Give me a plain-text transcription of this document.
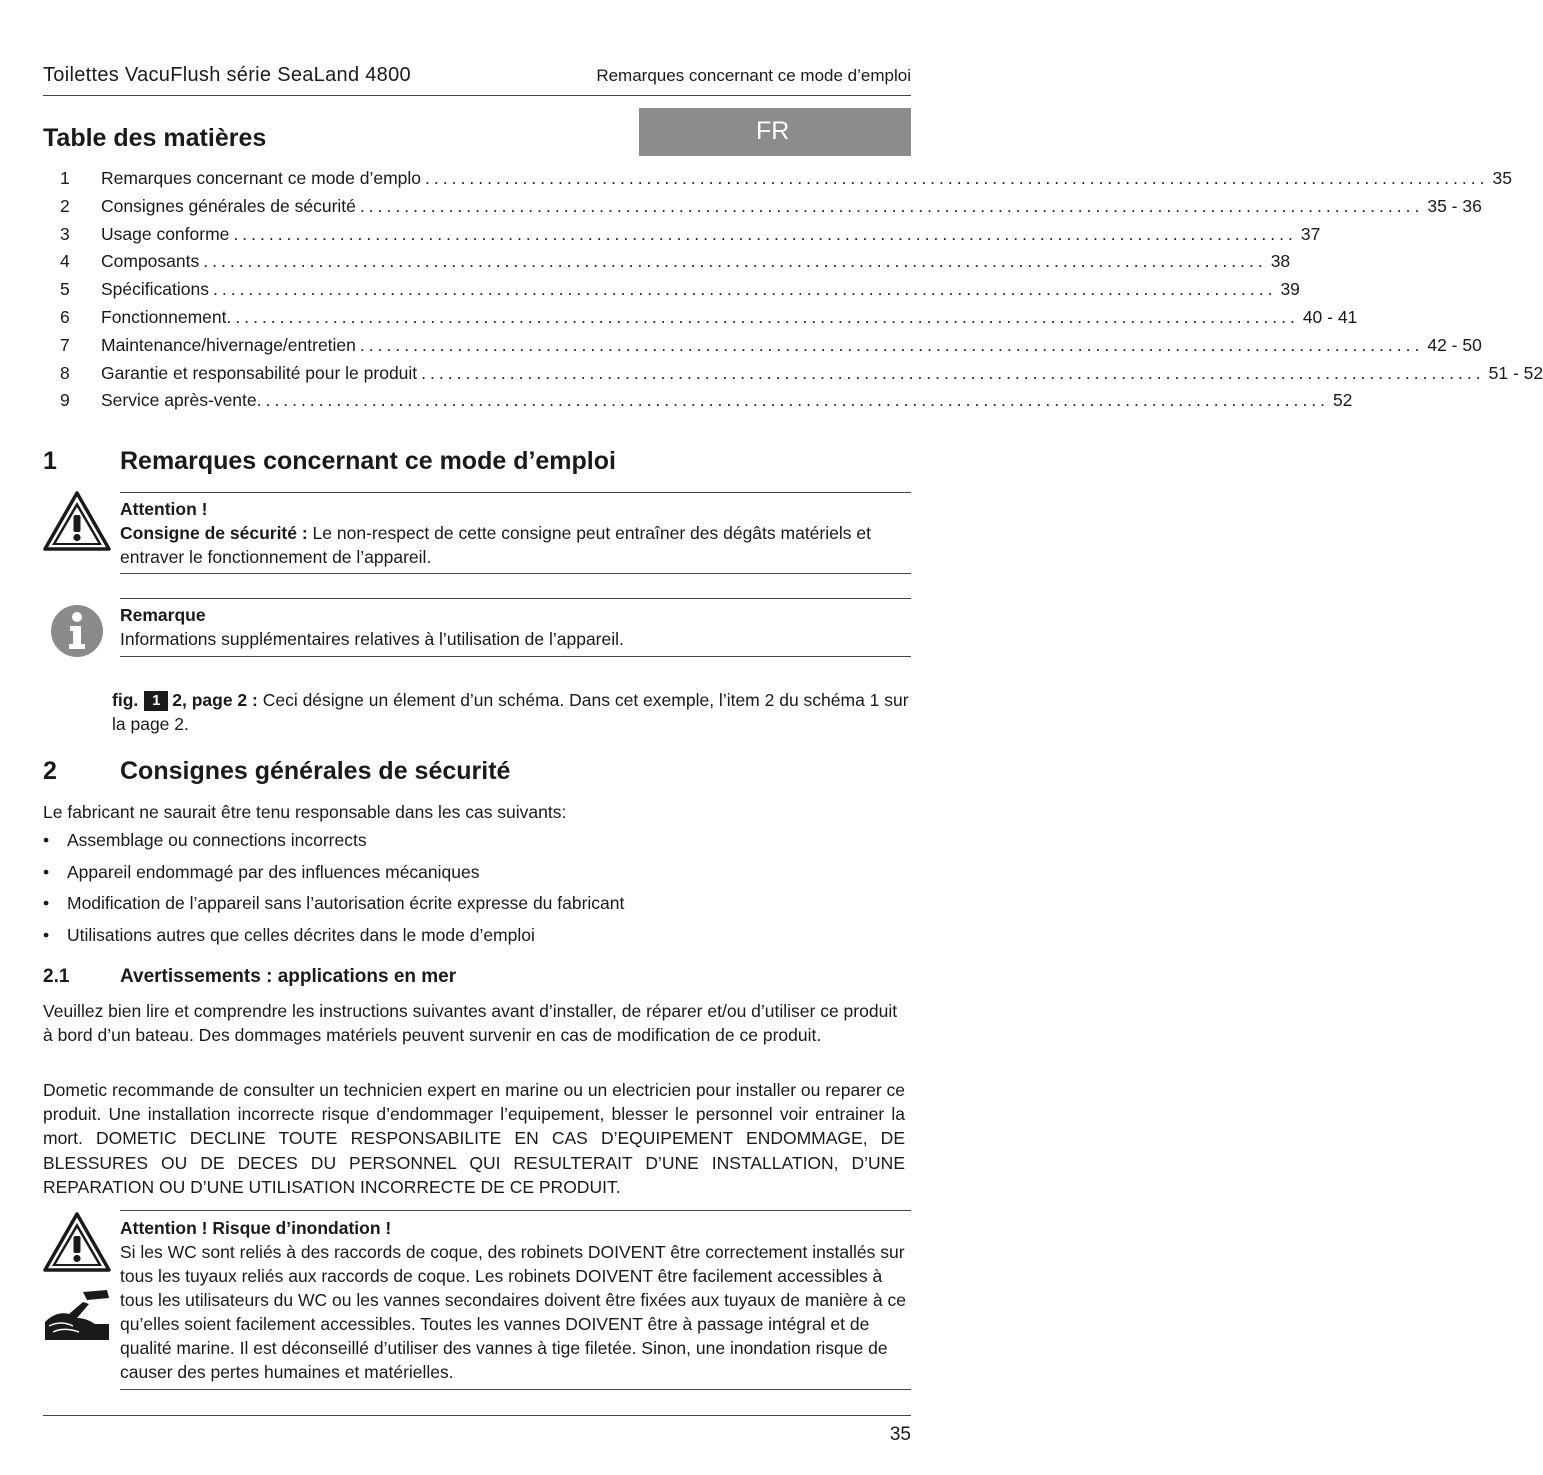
Toilettes VacuFlush série SeaLand 4800	Remarques concernant ce mode d’emploi
Table des matières	FR
1	Remarques concernant ce mode d’emplo ........................................................................................................................ 35
2	Consignes générales de sécurité ........................................................................................................................ 35 - 36
3	Usage conforme ........................................................................................................................ 37
4	Composants ........................................................................................................................ 38
5	Spécifications ........................................................................................................................ 39
6	Fonctionnement. ........................................................................................................................ 40 - 41
7	Maintenance/hivernage/entretien ........................................................................................................................ 42 - 50
8	Garantie et responsabilité pour le produit ........................................................................................................................ 51 - 52
9	Service après-vente. ........................................................................................................................ 52
1	Remarques concernant ce mode d’emploi
Attention !
Consigne de sécurité : Le non-respect de cette consigne peut entraîner des dégâts matériels et entraver le fonctionnement de l’appareil.
Remarque
Informations supplémentaires relatives à l’utilisation de l’appareil.
fig. 1 2, page 2 : Ceci désigne un élement d’un schéma. Dans cet exemple, l’item 2 du schéma 1 sur la page 2.
2	Consignes générales de sécurité
Le fabricant ne saurait être tenu responsable dans les cas suivants:
•	Assemblage ou connections incorrects
•	Appareil endommagé par des influences mécaniques
•	Modification de l’appareil sans l’autorisation écrite expresse du fabricant
•	Utilisations autres que celles décrites dans le mode d’emploi
2.1	Avertissements : applications en mer
Veuillez bien lire et comprendre les instructions suivantes avant d’installer, de réparer et/ou d’utiliser ce produit à bord d’un bateau. Des dommages matériels peuvent survenir en cas de modification de ce produit.
Dometic recommande de consulter un technicien expert en marine ou un electricien pour installer ou reparer ce produit. Une installation incorrecte risque d’endommager l’equipement, blesser le personnel voir entrainer la mort. DOMETIC DECLINE TOUTE RESPONSABILITE EN CAS D’EQUIPEMENT ENDOMMAGE, DE BLESSURES OU DE DECES DU PERSONNEL QUI RESULTERAIT D’UNE INSTALLATION, D’UNE REPARATION OU D’UNE UTILISATION INCORRECTE DE CE PRODUIT.
Attention ! Risque d’inondation !
Si les WC sont reliés à des raccords de coque, des robinets DOIVENT être correctement installés sur tous les tuyaux reliés aux raccords de coque. Les robinets DOIVENT être facilement accessibles à tous les utilisateurs du WC ou les vannes secondaires doivent être fixées aux tuyaux de manière à ce qu’elles soient facilement accessibles. Toutes les vannes DOIVENT être à passage intégral et de qualité marine. Il est déconseillé d’utiliser des vannes à tige filetée. Sinon, une inondation risque de causer des pertes humaines et matérielles.
35
